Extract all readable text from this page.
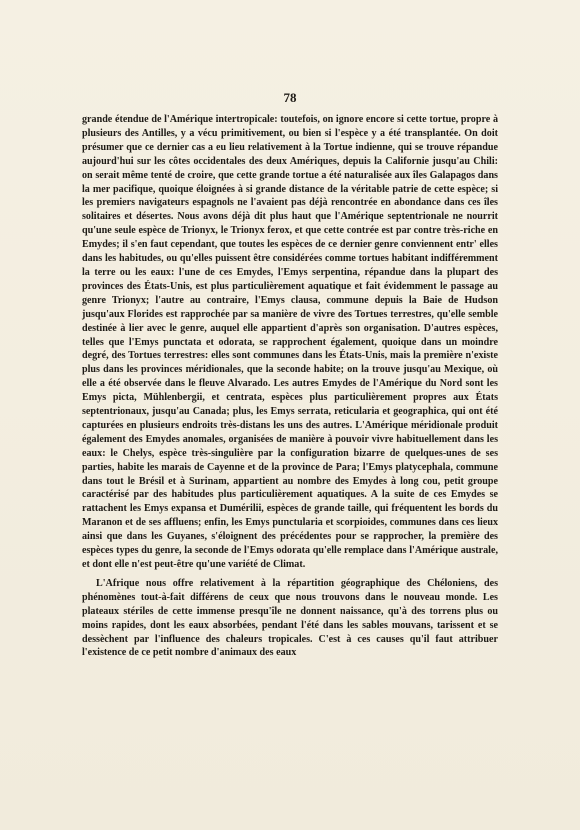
78

grande étendue de l'Amérique intertropicale: toutefois, on ignore encore si cette tortue, propre à plusieurs des Antilles, y a vécu primitivement, ou bien si l'espèce y a été transplantée. On doit présumer que ce dernier cas a eu lieu relativement à la Tortue indienne, qui se trouve répandue aujourd'hui sur les côtes occidentales des deux Amériques, depuis la Californie jusqu'au Chili: on serait même tenté de croire, que cette grande tortue a été naturalisée aux îles Galapagos dans la mer pacifique, quoique éloignées à si grande distance de la véritable patrie de cette espèce; si les premiers navigateurs espagnols ne l'avaient pas déjà rencontrée en abondance dans ces îles solitaires et désertes. Nous avons déjà dit plus haut que l'Amérique septentrionale ne nourrit qu'une seule espèce de Trionyx, le Trionyx ferox, et que cette contrée est par contre très-riche en Emydes; il s'en faut cependant, que toutes les espèces de ce dernier genre conviennent entr' elles dans les habitudes, ou qu'elles puissent être considérées comme tortues habitant indifféremment la terre ou les eaux: l'une de ces Emydes, l'Emys serpentina, répandue dans la plupart des provinces des États-Unis, est plus particulièrement aquatique et fait évidemment le passage au genre Trionyx; l'autre au contraire, l'Emys clausa, commune depuis la Baie de Hudson jusqu'aux Florides est rapprochée par sa manière de vivre des Tortues terrestres, qu'elle semble destinée à lier avec le genre, auquel elle appartient d'après son organisation. D'autres espèces, telles que l'Emys punctata et odorata, se rapprochent également, quoique dans un moindre degré, des Tortues terrestres: elles sont communes dans les États-Unis, mais la première n'existe plus dans les provinces méridionales, que la seconde habite; on la trouve jusqu'au Mexique, où elle a été observée dans le fleuve Alvarado. Les autres Emydes de l'Amérique du Nord sont les Emys picta, Mühlenbergii, et centrata, espèces plus particulièrement propres aux États septentrionaux, jusqu'au Canada; plus, les Emys serrata, reticularia et geographica, qui ont été capturées en plusieurs endroits très-distans les uns des autres. L'Amérique méridionale produit également des Emydes anomales, organisées de manière à pouvoir vivre habituellement dans les eaux: le Chelys, espèce très-singulière par la configuration bizarre de quelques-unes de ses parties, habite les marais de Cayenne et de la province de Para; l'Emys platycephala, commune dans tout le Brésil et à Surinam, appartient au nombre des Emydes à long cou, petit groupe caractérisé par des habitudes plus particulièrement aquatiques. A la suite de ces Emydes se rattachent les Emys expansa et Dumérilii, espèces de grande taille, qui fréquentent les bords du Maranon et de ses affluens; enfin, les Emys punctularia et scorpioides, communes dans ces lieux ainsi que dans les Guyanes, s'éloignent des précédentes pour se rapprocher, la première des espèces types du genre, la seconde de l'Emys odorata qu'elle remplace dans l'Amérique australe, et dont elle n'est peut-être qu'une variété de Climat.

L'Afrique nous offre relativement à la répartition géographique des Chéloniens, des phénomènes tout-à-fait différens de ceux que nous trouvons dans le nouveau monde. Les plateaux stériles de cette immense presqu'île ne donnent naissance, qu'à des torrens plus ou moins rapides, dont les eaux absorbées, pendant l'été dans les sables mouvans, tarissent et se dessèchent par l'influence des chaleurs tropicales. C'est à ces causes qu'il faut attribuer l'existence de ce petit nombre d'animaux des eaux
